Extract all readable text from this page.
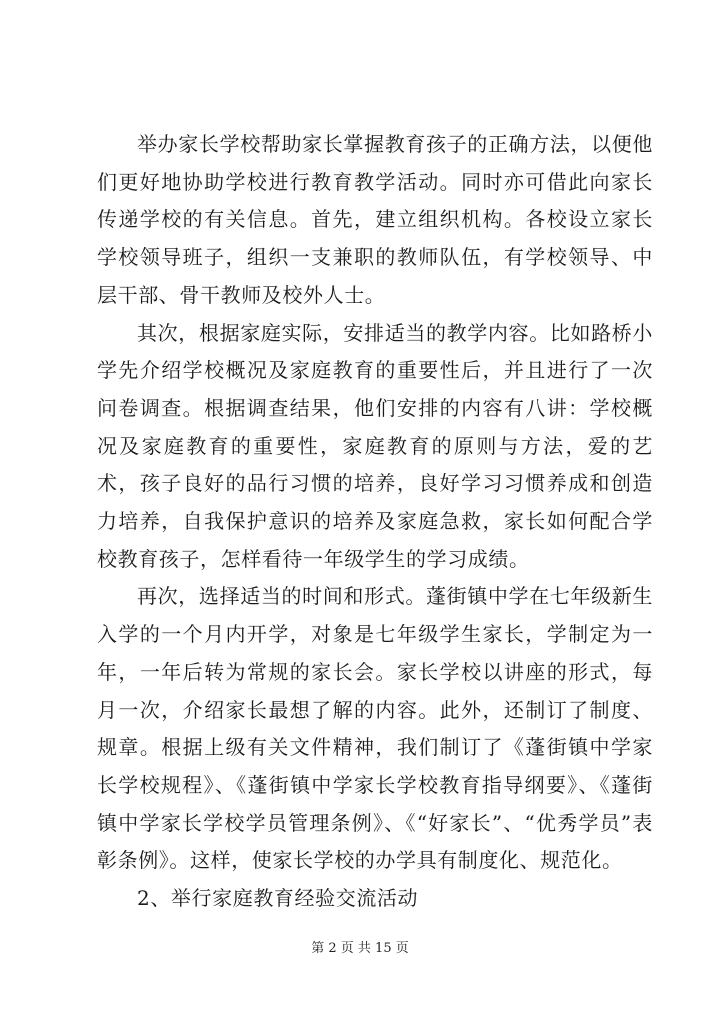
举办家长学校帮助家长掌握教育孩子的正确方法，以便他们更好地协助学校进行教育教学活动。同时亦可借此向家长传递学校的有关信息。首先，建立组织机构。各校设立家长学校领导班子，组织一支兼职的教师队伍，有学校领导、中层干部、骨干教师及校外人士。

其次，根据家庭实际，安排适当的教学内容。比如路桥小学先介绍学校概况及家庭教育的重要性后，并且进行了一次问卷调查。根据调查结果，他们安排的内容有八讲：学校概况及家庭教育的重要性，家庭教育的原则与方法，爱的艺术，孩子良好的品行习惯的培养，良好学习习惯养成和创造力培养，自我保护意识的培养及家庭急救，家长如何配合学校教育孩子，怎样看待一年级学生的学习成绩。

再次，选择适当的时间和形式。蓬街镇中学在七年级新生入学的一个月内开学，对象是七年级学生家长，学制定为一年，一年后转为常规的家长会。家长学校以讲座的形式，每月一次，介绍家长最想了解的内容。此外，还制订了制度、规章。根据上级有关文件精神，我们制订了《蓬街镇中学家长学校规程》、《蓬街镇中学家长学校教育指导纲要》、《蓬街镇中学家长学校学员管理条例》、《“好家长”、“优秀学员”表彰条例》。这样，使家长学校的办学具有制度化、规范化。

2、举行家庭教育经验交流活动

第 2 页 共 15 页
